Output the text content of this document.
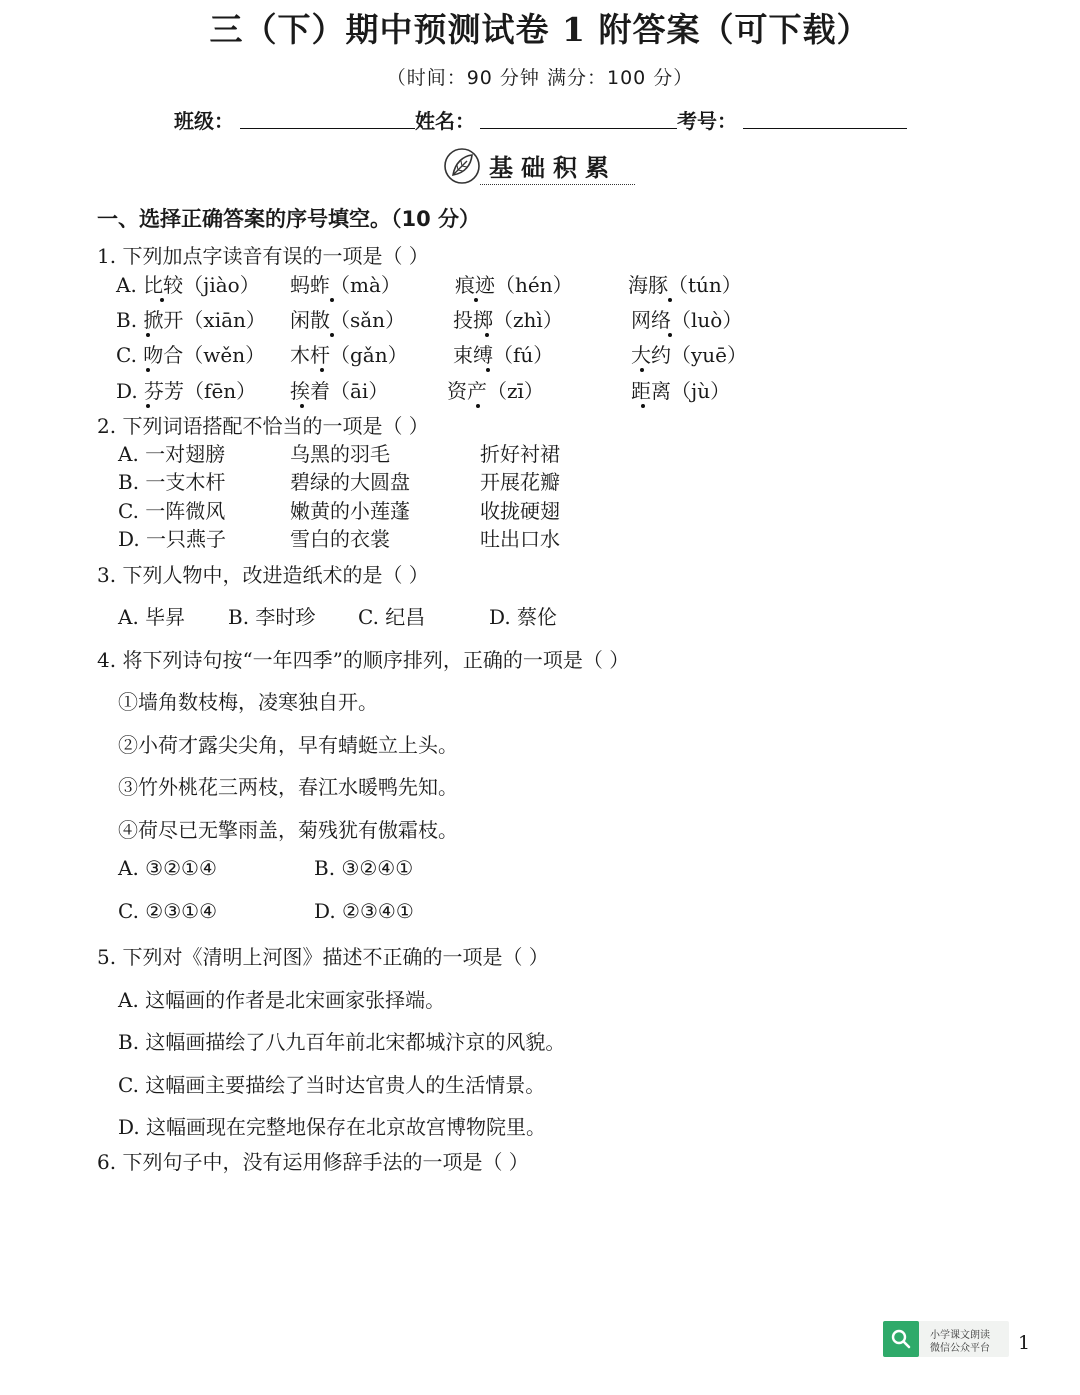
三（下）期中预测试卷 1 附答案（可下载）
（时间：90 分钟 满分：100 分）
班级：	姓名：	考号：
基础积累
一、选择正确答案的序号填空。（10 分）
1. 下列加点字读音有误的一项是（ ）
A. 比较（jiào） 蚂蚱（mà）	痕迹（hén）	海豚（tún）
B. 掀开（xiān） 闲散（sǎn） 投掷（zhì）	网络（luò）
C. 吻合（wěn） 木杆（gǎn） 束缚（fú）	大约（yuē）
D. 芬芳（fēn） 挨着（āi）	资产（zī）	距离（jù）
2. 下列词语搭配不恰当的一项是（ ）
A. 一对翅膀	乌黑的羽毛	折好衬裙
B. 一支木杆	碧绿的大圆盘	开展花瓣
C. 一阵微风	嫩黄的小莲蓬	收拢硬翅
D. 一只燕子	雪白的衣裳	吐出口水
3. 下列人物中，改进造纸术的是（ ）
A. 毕昇 B. 李时珍 C. 纪昌	D. 蔡伦
4. 将下列诗句按“一年四季”的顺序排列，正确的一项是（ ）
①墙角数枝梅，凌寒独自开。
②小荷才露尖尖角，早有蜻蜓立上头。
③竹外桃花三两枝，春江水暖鸭先知。
④荷尽已无擎雨盖，菊残犹有傲霜枝。
A. ③②①④	B. ③②④①
C. ②③①④	D. ②③④①
5. 下列对《清明上河图》描述不正确的一项是（ ）
A. 这幅画的作者是北宋画家张择端。
B. 这幅画描绘了八九百年前北宋都城汴京的风貌。
C. 这幅画主要描绘了当时达官贵人的生活情景。
D. 这幅画现在完整地保存在北京故宫博物院里。
6. 下列句子中，没有运用修辞手法的一项是（ ）
小学课文朗读
微信公众平台 1
